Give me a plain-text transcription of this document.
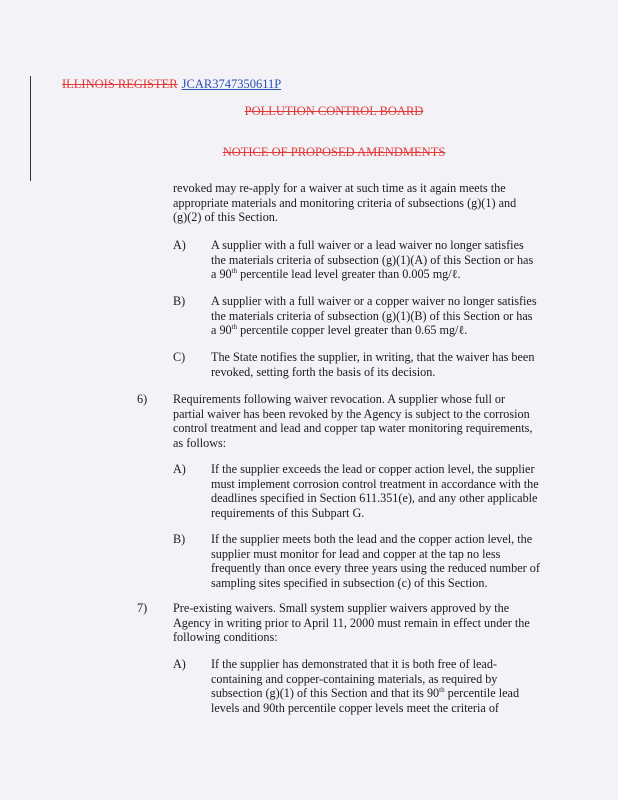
ILLINOIS REGISTER JCAR3747350611P
POLLUTION CONTROL BOARD
NOTICE OF PROPOSED AMENDMENTS
revoked may re-apply for a waiver at such time as it again meets the
appropriate materials and monitoring criteria of subsections (g)(1) and
(g)(2) of this Section.
A) A supplier with a full waiver or a lead waiver no longer satisfies
the materials criteria of subsection (g)(1)(A) of this Section or has
a 90th percentile lead level greater than 0.005 mg/ℓ.
B) A supplier with a full waiver or a copper waiver no longer satisfies
the materials criteria of subsection (g)(1)(B) of this Section or has
a 90th percentile copper level greater than 0.65 mg/ℓ.
C) The State notifies the supplier, in writing, that the waiver has been
revoked, setting forth the basis of its decision.
6) Requirements following waiver revocation. A supplier whose full or
partial waiver has been revoked by the Agency is subject to the corrosion
control treatment and lead and copper tap water monitoring requirements,
as follows:
A) If the supplier exceeds the lead or copper action level, the supplier
must implement corrosion control treatment in accordance with the
deadlines specified in Section 611.351(e), and any other applicable
requirements of this Subpart G.
B) If the supplier meets both the lead and the copper action level, the
supplier must monitor for lead and copper at the tap no less
frequently than once every three years using the reduced number of
sampling sites specified in subsection (c) of this Section.
7) Pre-existing waivers. Small system supplier waivers approved by the
Agency in writing prior to April 11, 2000 must remain in effect under the
following conditions:
A) If the supplier has demonstrated that it is both free of lead-
containing and copper-containing materials, as required by
subsection (g)(1) of this Section and that its 90th percentile lead
levels and 90th percentile copper levels meet the criteria of
